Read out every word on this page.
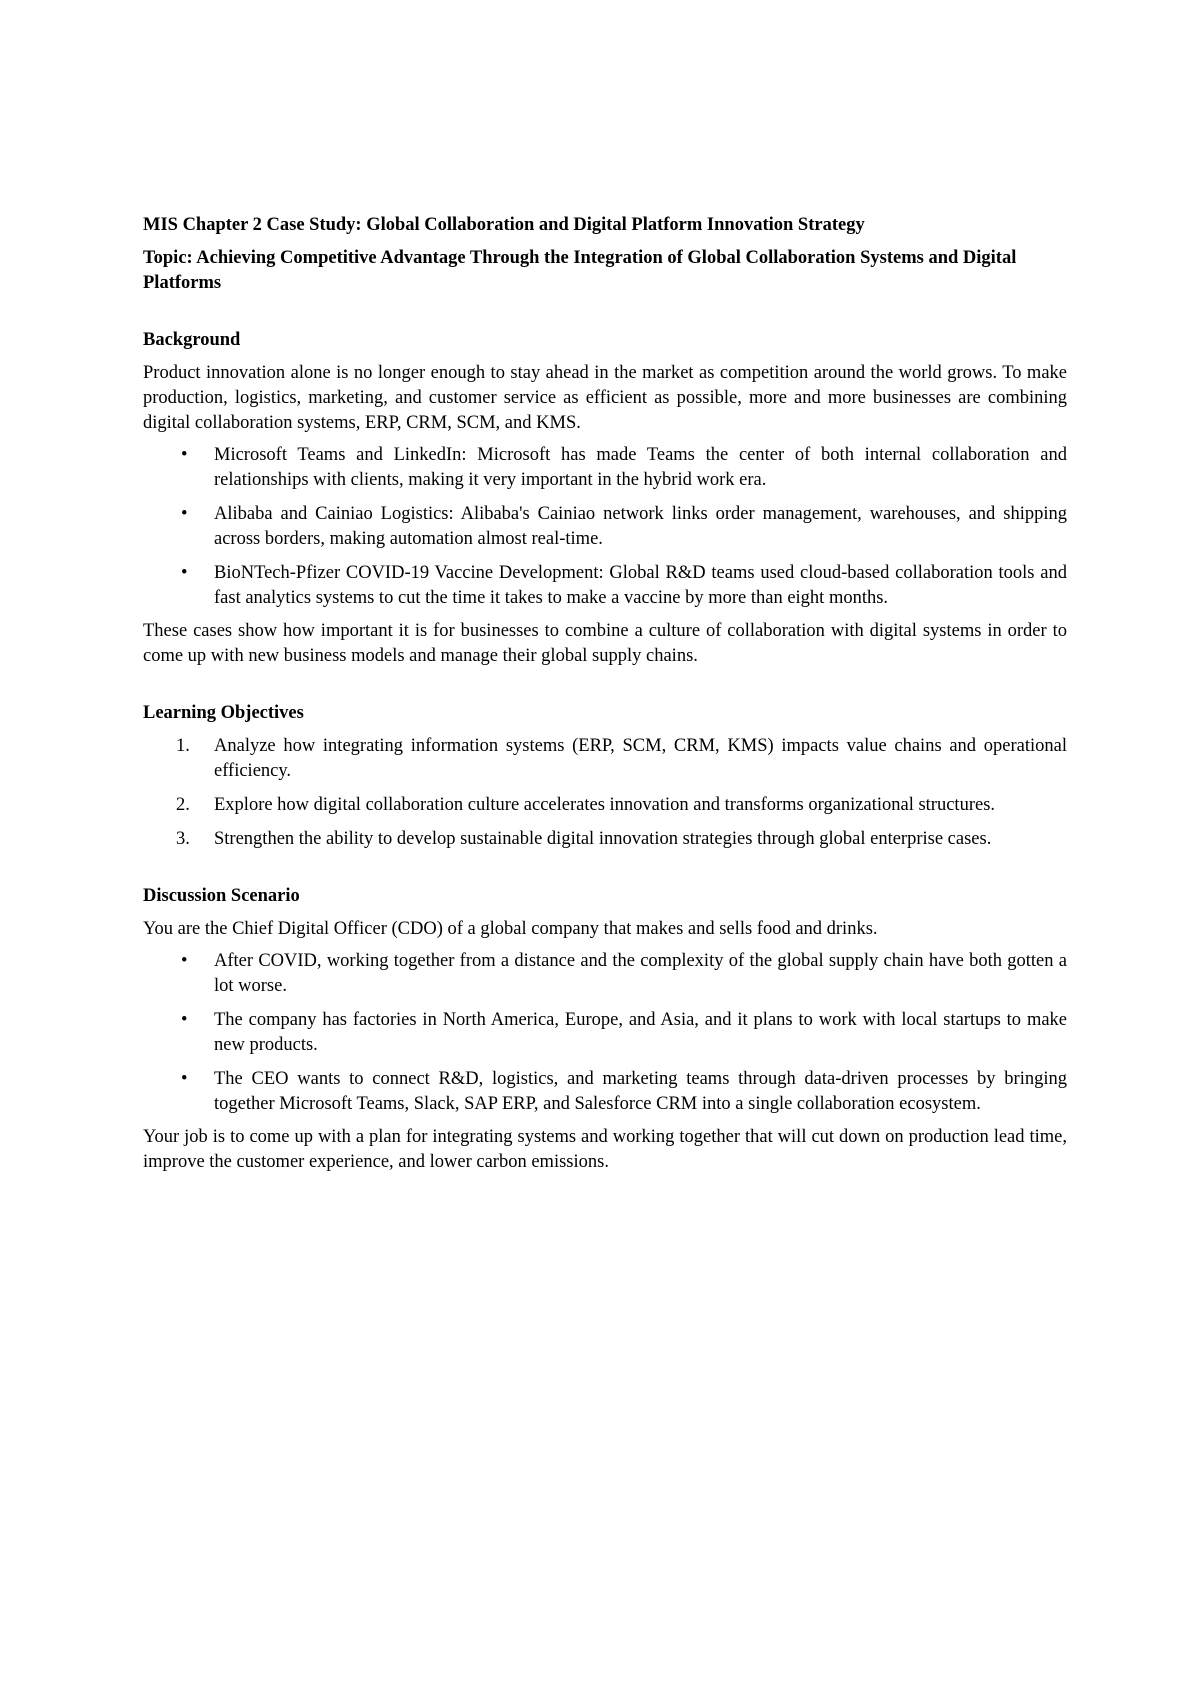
MIS Chapter 2 Case Study: Global Collaboration and Digital Platform Innovation Strategy

Topic: Achieving Competitive Advantage Through the Integration of Global Collaboration Systems and Digital Platforms

Background

Product innovation alone is no longer enough to stay ahead in the market as competition around the world grows. To make production, logistics, marketing, and customer service as efficient as possible, more and more businesses are combining digital collaboration systems, ERP, CRM, SCM, and KMS.

• Microsoft Teams and LinkedIn: Microsoft has made Teams the center of both internal collaboration and relationships with clients, making it very important in the hybrid work era.
• Alibaba and Cainiao Logistics: Alibaba's Cainiao network links order management, warehouses, and shipping across borders, making automation almost real-time.
• BioNTech-Pfizer COVID-19 Vaccine Development: Global R&D teams used cloud-based collaboration tools and fast analytics systems to cut the time it takes to make a vaccine by more than eight months.

These cases show how important it is for businesses to combine a culture of collaboration with digital systems in order to come up with new business models and manage their global supply chains.

Learning Objectives

1. Analyze how integrating information systems (ERP, SCM, CRM, KMS) impacts value chains and operational efficiency.
2. Explore how digital collaboration culture accelerates innovation and transforms organizational structures.
3. Strengthen the ability to develop sustainable digital innovation strategies through global enterprise cases.

Discussion Scenario

You are the Chief Digital Officer (CDO) of a global company that makes and sells food and drinks.

• After COVID, working together from a distance and the complexity of the global supply chain have both gotten a lot worse.
• The company has factories in North America, Europe, and Asia, and it plans to work with local startups to make new products.
• The CEO wants to connect R&D, logistics, and marketing teams through data-driven processes by bringing together Microsoft Teams, Slack, SAP ERP, and Salesforce CRM into a single collaboration ecosystem.

Your job is to come up with a plan for integrating systems and working together that will cut down on production lead time, improve the customer experience, and lower carbon emissions.
